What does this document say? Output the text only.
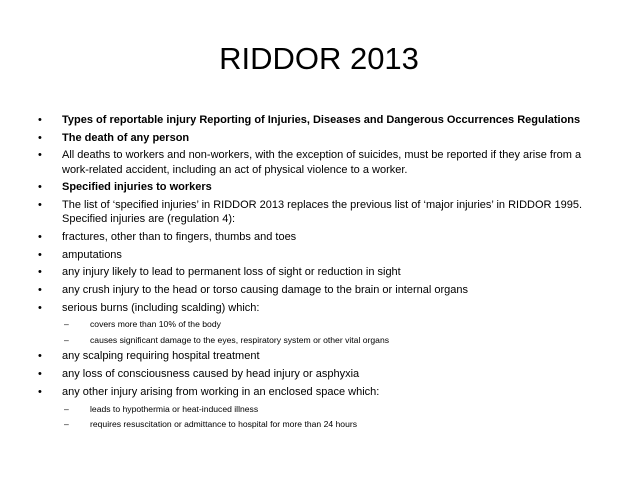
RIDDOR 2013
• Types of reportable injury Reporting of Injuries, Diseases and Dangerous Occurrences Regulations
• The death of any person
• All deaths to workers and non-workers, with the exception of suicides, must be reported if they arise from a work-related accident, including an act of physical violence to a worker.
• Specified injuries to workers
• The list of ‘specified injuries’ in RIDDOR 2013 replaces the previous list of ‘major injuries’ in RIDDOR 1995. Specified injuries are (regulation 4):
• fractures, other than to fingers, thumbs and toes
• amputations
• any injury likely to lead to permanent loss of sight or reduction in sight
• any crush injury to the head or torso causing damage to the brain or internal organs
• serious burns (including scalding) which:
– covers more than 10% of the body
– causes significant damage to the eyes, respiratory system or other vital organs
• any scalping requiring hospital treatment
• any loss of consciousness caused by head injury or asphyxia
• any other injury arising from working in an enclosed space which:
– leads to hypothermia or heat-induced illness
– requires resuscitation or admittance to hospital for more than 24 hours
